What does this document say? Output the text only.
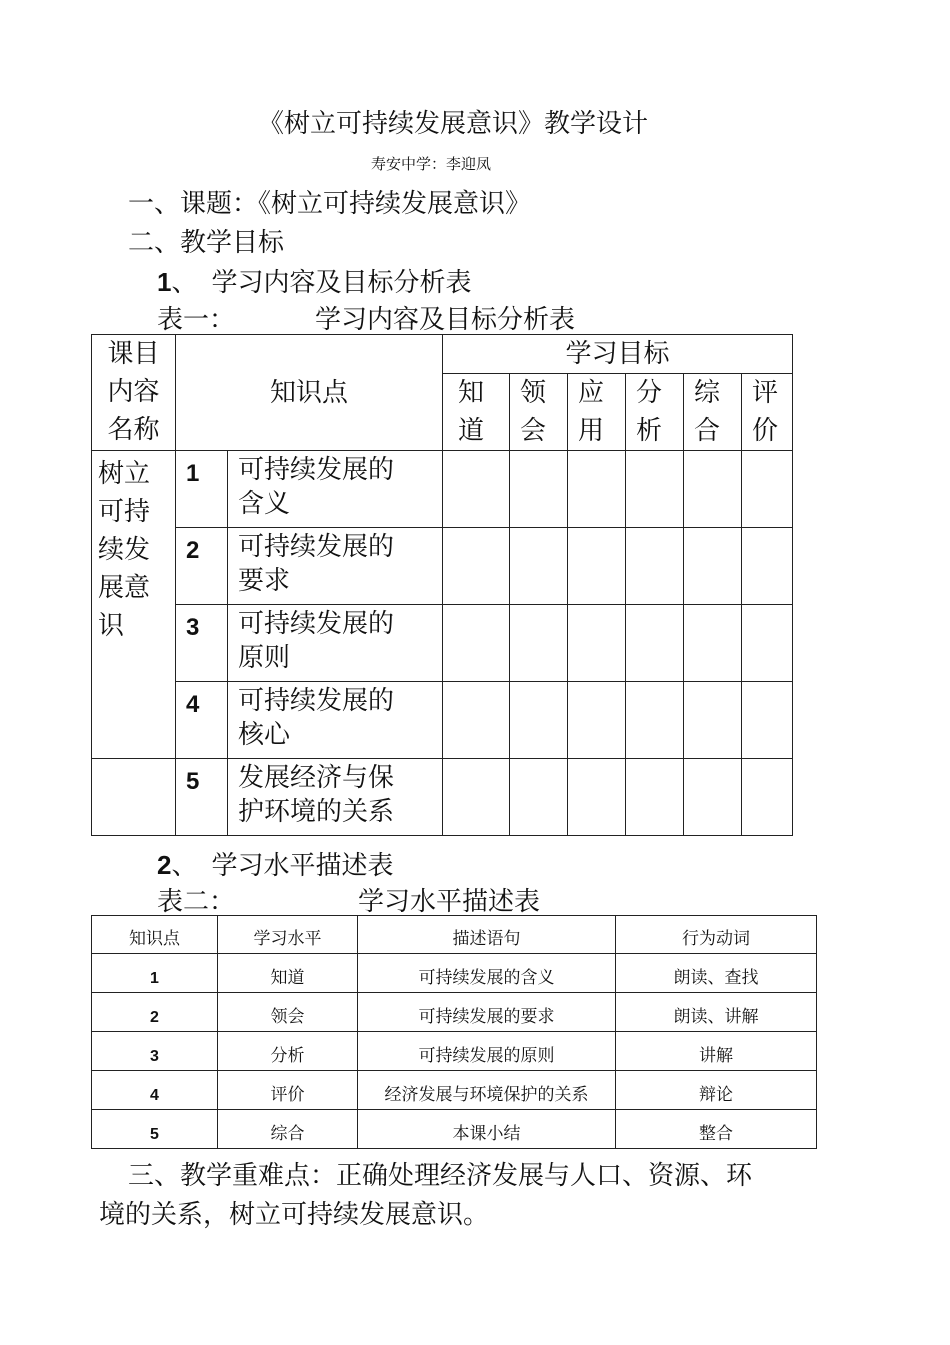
《树立可持续发展意识》教学设计
寿安中学：李迎凤
一、课题：《树立可持续发展意识》
二、教学目标
1、 学习内容及目标分析表
表一：	学习内容及目标分析表
课目内容名称	知识点		学习目标					
			知道	领会	应用	分析	综合	评价
树立可持续发展意识	1	可持续发展的含义						
	2	可持续发展的要求						
	3	可持续发展的原则						
	4	可持续发展的核心						
	5	发展经济与保护环境的关系						
2、 学习水平描述表
表二：	学习水平描述表
知识点	学习水平	描述语句	行为动词
1	知道	可持续发展的含义	朗读、查找
2	领会	可持续发展的要求	朗读、讲解
3	分析	可持续发展的原则	讲解
4	评价	经济发展与环境保护的关系	辩论
5	综合	本课小结	整合
三、教学重难点：正确处理经济发展与人口、资源、环
境的关系，树立可持续发展意识。
